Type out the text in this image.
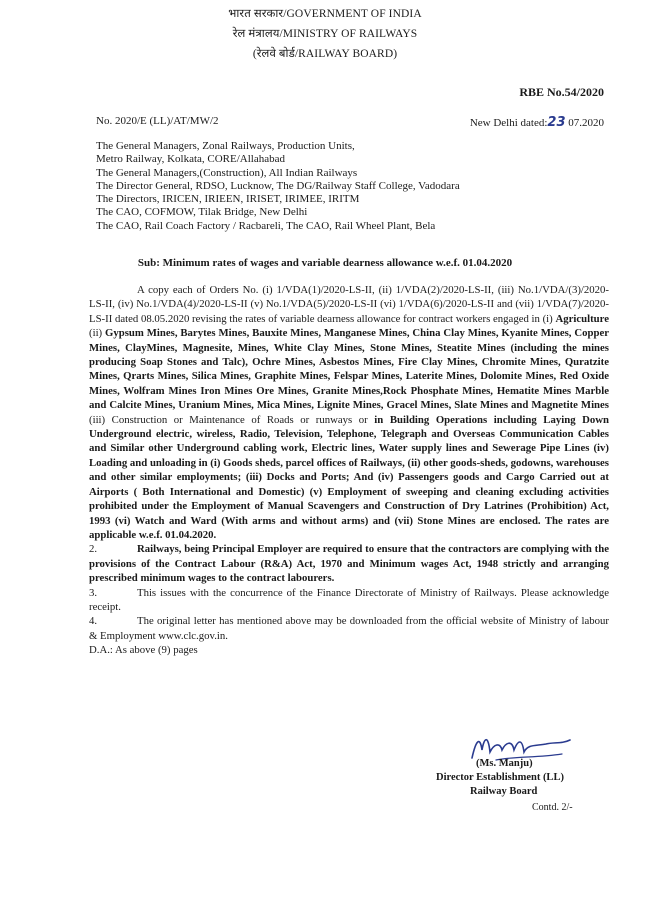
भारत सरकार/GOVERNMENT OF INDIA
रेल मंत्रालय/MINISTRY OF RAILWAYS
(रेलवे बोर्ड/RAILWAY BOARD)
RBE No.54/2020
No. 2020/E (LL)/AT/MW/2	New Delhi dated:23 07.2020
The General Managers, Zonal Railways, Production Units,
Metro Railway, Kolkata, CORE/Allahabad
The General Managers,(Construction), All Indian Railways
The Director General, RDSO, Lucknow, The DG/Railway Staff College, Vadodara
The Directors, IRICEN, IRIEEN, IRISET, IRIMEE, IRITM
The CAO, COFMOW, Tilak Bridge, New Delhi
The CAO, Rail Coach Factory / Racbareli, The CAO, Rail Wheel Plant, Bela
Sub: Minimum rates of wages and variable dearness allowance w.e.f. 01.04.2020

A copy each of Orders No. (i) 1/VDA(1)/2020-LS-II, (ii) 1/VDA(2)/2020-LS-II, (iii) No.1/VDA/(3)/2020-LS-II, (iv) No.1/VDA(4)/2020-LS-II (v) No.1/VDA(5)/2020-LS-II (vi) 1/VDA(6)/2020-LS-II and (vii) 1/VDA(7)/2020-LS-II dated 08.05.2020 revising the rates of variable dearness allowance for contract workers engaged in (i) Agriculture (ii) Gypsum Mines, Barytes Mines, Bauxite Mines, Manganese Mines, China Clay Mines, Kyanite Mines, Copper Mines, ClayMines, Magnesite, Mines, White Clay Mines, Stone Mines, Steatite Mines (including the mines producing Soap Stones and Talc), Ochre Mines, Asbestos Mines, Fire Clay Mines, Chromite Mines, Quratzite Mines, Qrarts Mines, Silica Mines, Graphite Mines, Felspar Mines, Laterite Mines, Dolomite Mines, Red Oxide Mines, Wolfram Mines Iron Mines Ore Mines, Granite Mines,Rock Phosphate Mines, Hematite Mines Marble and Calcite Mines, Uranium Mines, Mica Mines, Lignite Mines, Gracel Mines, Slate Mines and Magnetite Mines (iii) Construction or Maintenance of Roads or runways or in Building Operations including Laying Down Underground electric, wireless, Radio, Television, Telephone, Telegraph and Overseas Communication Cables and Similar other Underground cabling work, Electric lines, Water supply lines and Sewerage Pipe Lines (iv) Loading and unloading in (i) Goods sheds, parcel offices of Railways, (ii) other goods-sheds, godowns, warehouses and other similar employments; (iii) Docks and Ports; And (iv) Passengers goods and Cargo Carried out at Airports ( Both International and Domestic) (v) Employment of sweeping and cleaning excluding activities prohibited under the Employment of Manual Scavengers and Construction of Dry Latrines (Prohibition) Act, 1993 (vi) Watch and Ward (With arms and without arms) and (vii) Stone Mines are enclosed. The rates are applicable w.e.f. 01.04.2020.

2.	Railways, being Principal Employer are required to ensure that the contractors are complying with the provisions of the Contract Labour (R&A) Act, 1970 and Minimum wages Act, 1948 strictly and arranging prescribed minimum wages to the contract labourers.

3.	This issues with the concurrence of the Finance Directorate of Ministry of Railways. Please acknowledge receipt.

4.	The original letter has mentioned above may be downloaded from the official website of Ministry of labour & Employment www.clc.gov.in.

D.A.: As above (9) pages

(Ms. Manju)
Director Establishment (LL)
Railway Board
Contd. 2/-
